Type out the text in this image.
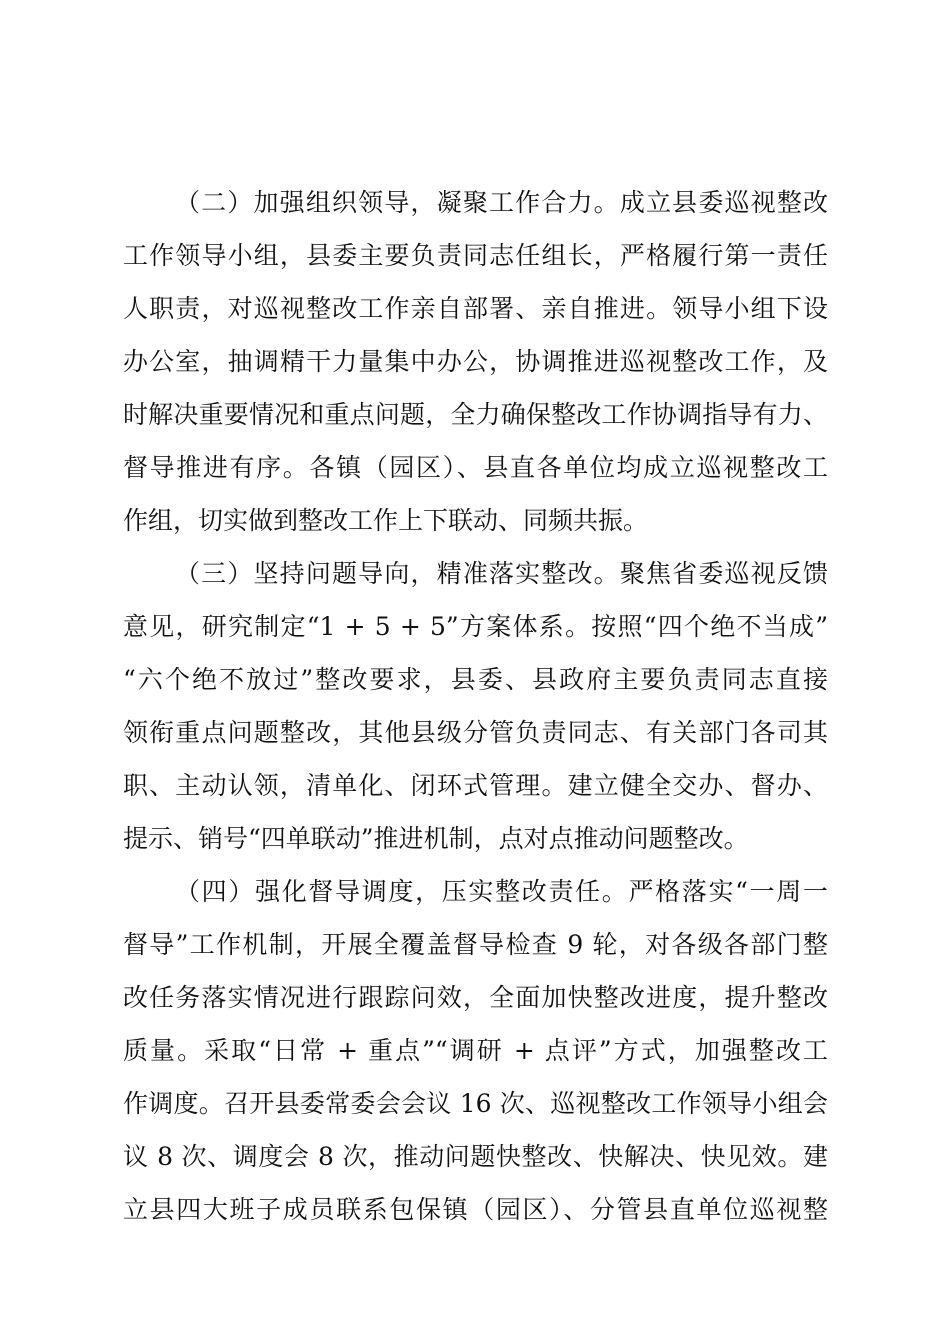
（二）加强组织领导，凝聚工作合力。成立县委巡视整改
工作领导小组，县委主要负责同志任组长，严格履行第一责任
人职责，对巡视整改工作亲自部署、亲自推进。领导小组下设
办公室，抽调精干力量集中办公，协调推进巡视整改工作，及
时解决重要情况和重点问题，全力确保整改工作协调指导有力、
督导推进有序。各镇（园区）、县直各单位均成立巡视整改工
作组，切实做到整改工作上下联动、同频共振。
（三）坚持问题导向，精准落实整改。聚焦省委巡视反馈
意见，研究制定“1 + 5 + 5”方案体系。按照“四个绝不当成”
“六个绝不放过”整改要求，县委、县政府主要负责同志直接
领衔重点问题整改，其他县级分管负责同志、有关部门各司其
职、主动认领，清单化、闭环式管理。建立健全交办、督办、
提示、销号“四单联动”推进机制，点对点推动问题整改。
（四）强化督导调度，压实整改责任。严格落实“一周一
督导”工作机制，开展全覆盖督导检查 9 轮，对各级各部门整
改任务落实情况进行跟踪问效，全面加快整改进度，提升整改
质量。采取“日常 + 重点”“调研 + 点评”方式，加强整改工
作调度。召开县委常委会会议 16 次、巡视整改工作领导小组会
议 8 次、调度会 8 次，推动问题快整改、快解决、快见效。建
立县四大班子成员联系包保镇（园区）、分管县直单位巡视整
